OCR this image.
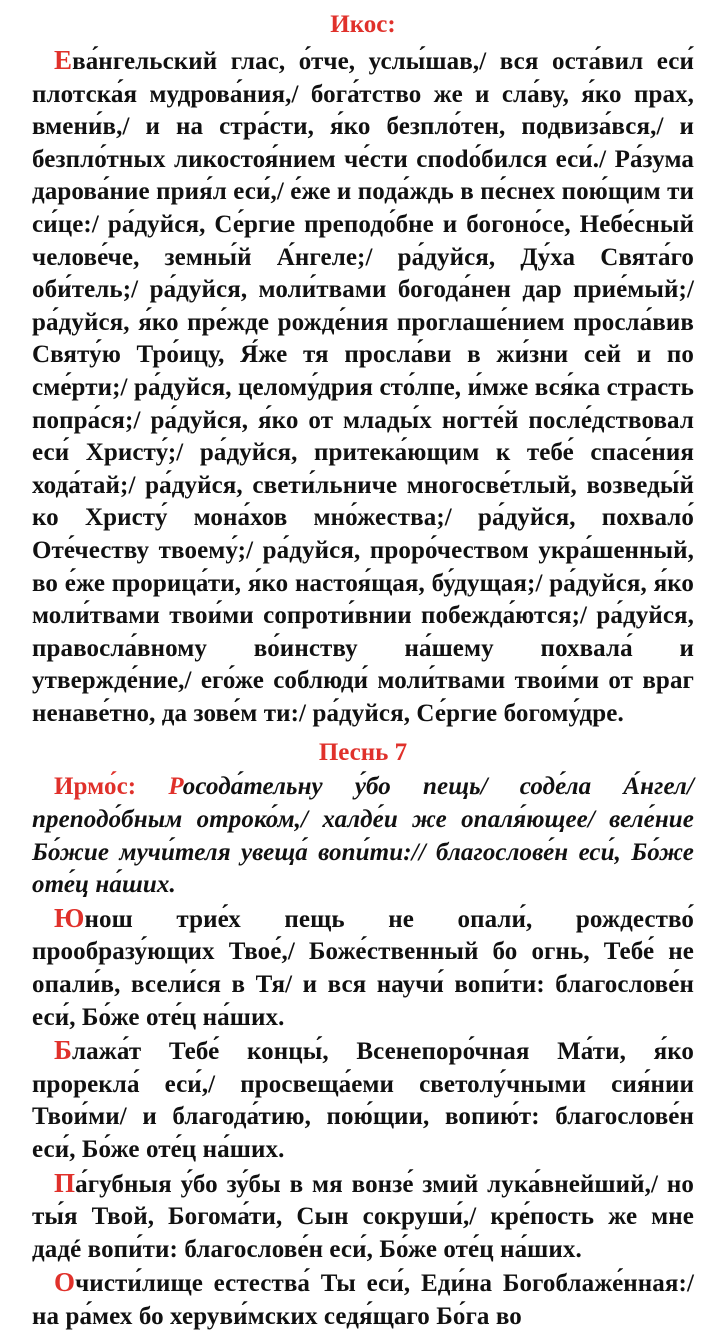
Икос:

Ева́нгельский глас, о́тче, услы́шав,/ вся оста́вил еси́ плотска́я мудрова́ния,/ бога́тство же и сла́ву, я́ко прах, вмени́в,/ и на стра́сти, я́ко безпло́тен, подвиза́вся,/ и безпло́тных ликостоя́нием че́сти спodо́бился еси́./ Ра́зума дарова́ние прия́л еси́,/ е́же и пода́ждь в пе́снех пою́щим ти си́це:/ ра́дуйся, Се́ргие преподо́бне и богоно́се, Небе́сный челове́че, земны́й А́нгеле;/ ра́дуйся, Ду́ха Свята́го оби́тель;/ ра́дуйся, моли́твами богода́нен дар прие́мый;/ ра́дуйся, я́ко пре́жде рожде́ния проглаше́нием просла́вив Святу́ю Тро́ицу, Я́же тя просла́ви в жи́зни сей и по сме́рти;/ ра́дуйся, целому́дрия сто́лпе, и́мже вся́ка страсть попра́ся;/ ра́дуйся, я́ко от млады́х ногте́й после́дствовал еси́ Христу́;/ ра́дуйся, притека́ющим к тебе́ спасе́ния хода́тай;/ ра́дуйся, свети́льниче многосве́тлый, возведы́й ко Христу́ мона́хов мно́жества;/ ра́дуйся, похвало́ Оте́честву твоему́;/ ра́дуйся, проро́чеством укра́шенный, во е́же прорица́ти, я́ко настоя́щая, бу́дущая;/ ра́дуйся, я́ко моли́твами твои́ми сопроти́внии побежда́ются;/ ра́дуйся, правосла́вному во́инству на́шему похвала́ и утвержде́ние,/ его́же соблюди́ моли́твами твои́ми от враг ненаве́тно, да зове́м ти:/ ра́дуйся, Се́ргие богому́дре.

Песнь 7

Ирмо́с: Росода́тельну у́бо пещь/ соде́ла А́нгел/ преподо́бным отроко́м,/ халде́и же опаля́ющее/ веле́ние Бо́жие мучи́теля увеща́ вопи́ти:// благослове́н еси́, Бо́же оте́ц на́ших.

Юнош трие́х пещь не опали́, рождество́ прообразу́ющих Твое́,/ Боже́ственный бо огнь, Тебе́ не опали́в, всели́ся в Тя/ и вся научи́ вопи́ти: благослове́н еси́, Бо́же оте́ц на́ших.

Блажа́т Тебе́ концы́, Всенепоро́чная Ма́ти, я́ко прорекла́ еси́,/ просвеща́еми светолу́чными сия́нии Твои́ми/ и благода́тию, пою́щии, вопию́т: благослове́н еси́, Бо́же оте́ц на́ших.

Па́губныя у́бо зу́бы в мя вонзе́ змий лука́внейший,/ но ты́я Твой, Богома́ти, Сын сокруши́,/ кре́пость же мне дадé вопи́ти: благослове́н еси́, Бо́же оте́ц на́ших.

Очисти́лище естества́ Ты еси́, Еди́на Богоблаже́нная:/ на ра́мех бо херуви́мских седя́щаго Бо́га во
